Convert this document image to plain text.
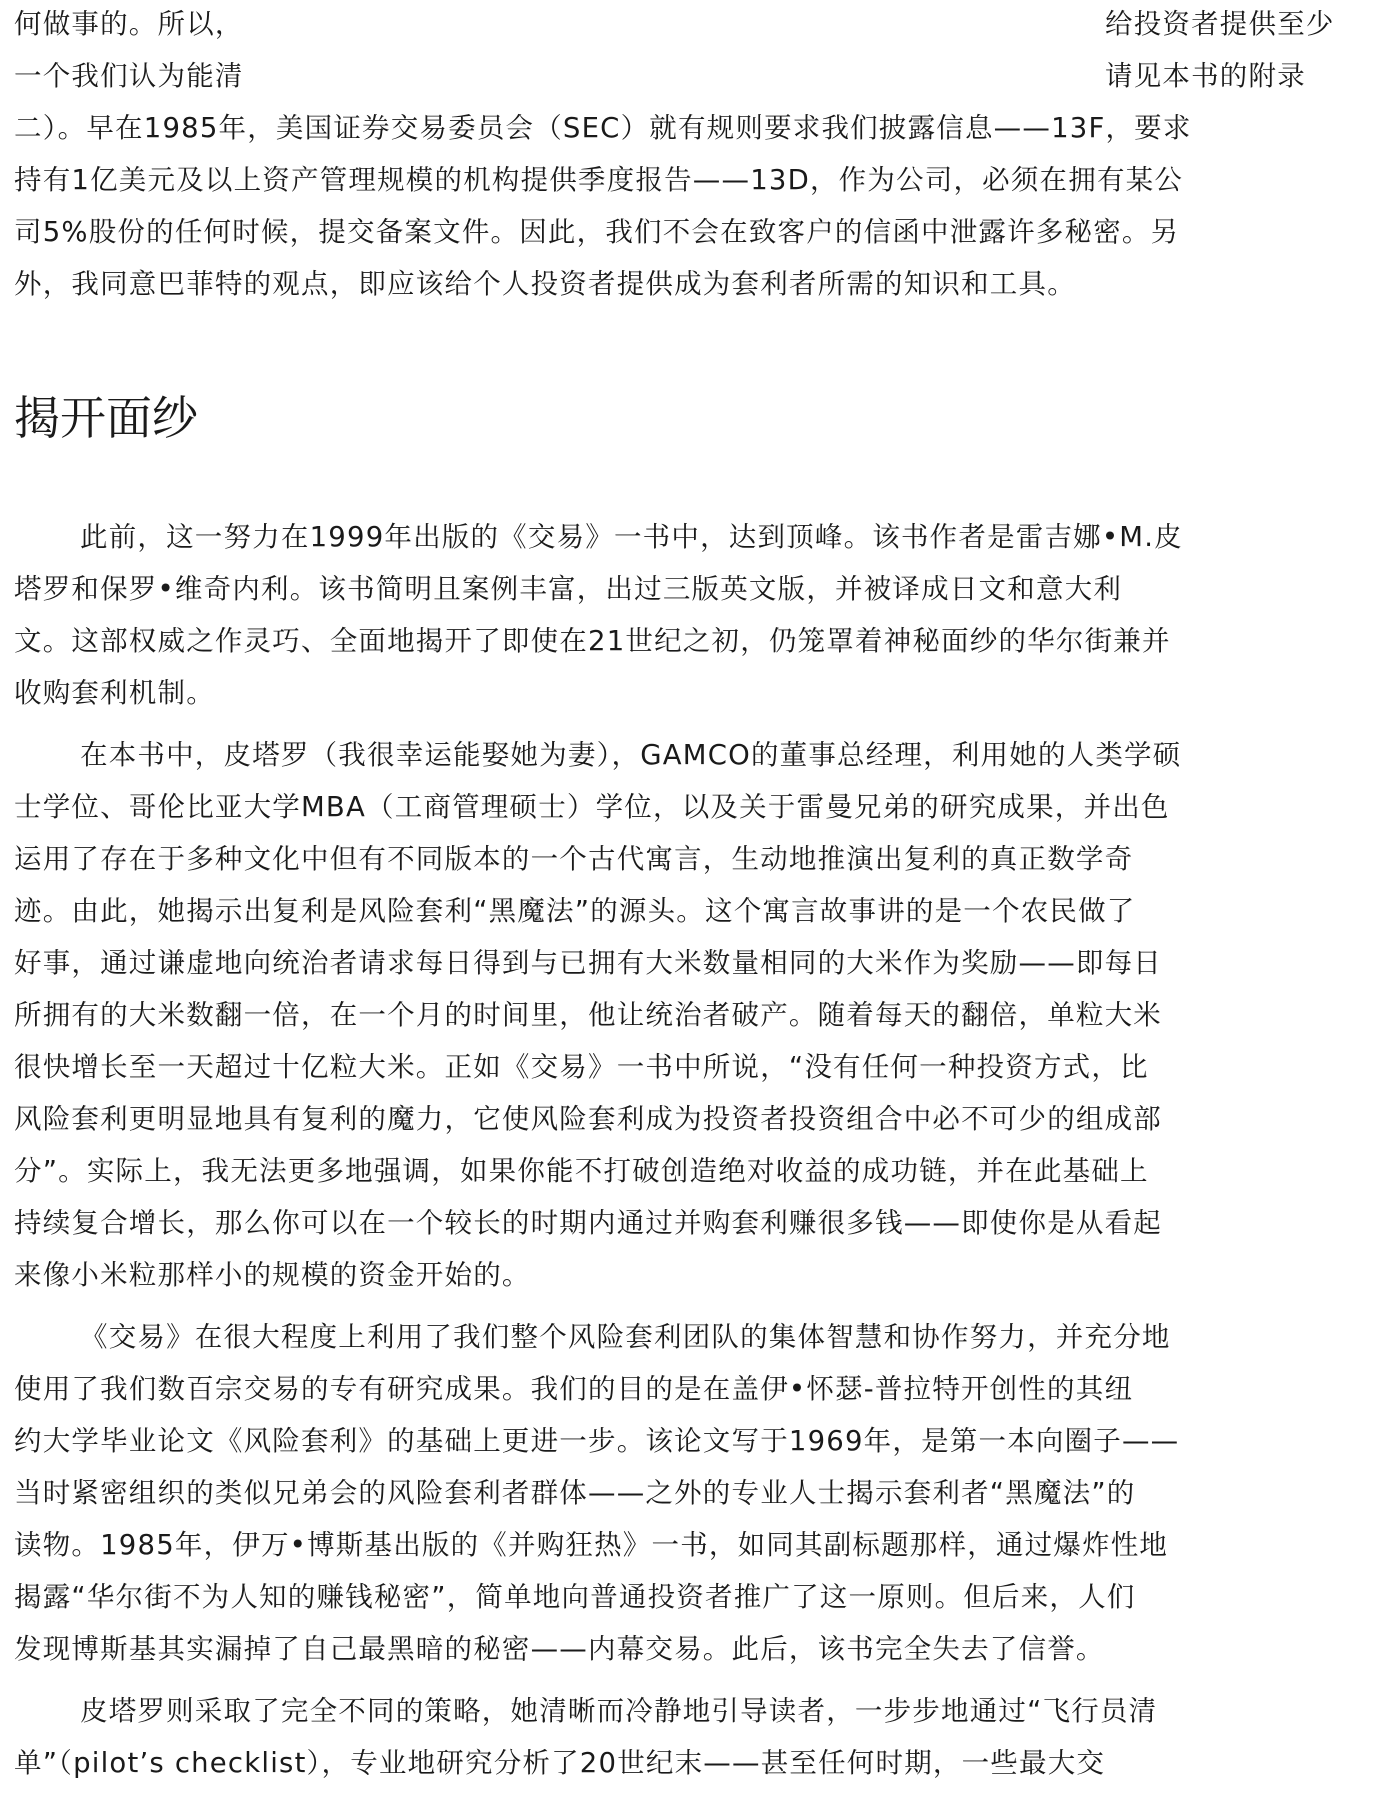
何做事的。所以，	给投资者提供至少
一个我们认为能清	请见本书的附录
二）。早在1985年，美国证券交易委员会（SEC）就有规则要求我们披露信息——13F，要求
持有1亿美元及以上资产管理规模的机构提供季度报告——13D，作为公司，必须在拥有某公
司5%股份的任何时候，提交备案文件。因此，我们不会在致客户的信函中泄露许多秘密。另
外，我同意巴菲特的观点，即应该给个人投资者提供成为套利者所需的知识和工具。
揭开面纱
此前，这一努力在1999年出版的《交易》一书中，达到顶峰。该书作者是雷吉娜•M.皮
塔罗和保罗•维奇内利。该书简明且案例丰富，出过三版英文版，并被译成日文和意大利
文。这部权威之作灵巧、全面地揭开了即使在21世纪之初，仍笼罩着神秘面纱的华尔街兼并
收购套利机制。
在本书中，皮塔罗（我很幸运能娶她为妻），GAMCO的董事总经理，利用她的人类学硕
士学位、哥伦比亚大学MBA（工商管理硕士）学位，以及关于雷曼兄弟的研究成果，并出色
运用了存在于多种文化中但有不同版本的一个古代寓言，生动地推演出复利的真正数学奇
迹。由此，她揭示出复利是风险套利“黑魔法”的源头。这个寓言故事讲的是一个农民做了
好事，通过谦虚地向统治者请求每日得到与已拥有大米数量相同的大米作为奖励——即每日
所拥有的大米数翻一倍，在一个月的时间里，他让统治者破产。随着每天的翻倍，单粒大米
很快增长至一天超过十亿粒大米。正如《交易》一书中所说，“没有任何一种投资方式，比
风险套利更明显地具有复利的魔力，它使风险套利成为投资者投资组合中必不可少的组成部
分”。实际上，我无法更多地强调，如果你能不打破创造绝对收益的成功链，并在此基础上
持续复合增长，那么你可以在一个较长的时期内通过并购套利赚很多钱——即使你是从看起
来像小米粒那样小的规模的资金开始的。
《交易》在很大程度上利用了我们整个风险套利团队的集体智慧和协作努力，并充分地
使用了我们数百宗交易的专有研究成果。我们的目的是在盖伊•怀瑟-普拉特开创性的其纽
约大学毕业论文《风险套利》的基础上更进一步。该论文写于1969年，是第一本向圈子——
当时紧密组织的类似兄弟会的风险套利者群体——之外的专业人士揭示套利者“黑魔法”的
读物。1985年，伊万•博斯基出版的《并购狂热》一书，如同其副标题那样，通过爆炸性地
揭露“华尔街不为人知的赚钱秘密”，简单地向普通投资者推广了这一原则。但后来，人们
发现博斯基其实漏掉了自己最黑暗的秘密——内幕交易。此后，该书完全失去了信誉。
皮塔罗则采取了完全不同的策略，她清晰而冷静地引导读者，一步步地通过“飞行员清
单”（pilot’s checklist），专业地研究分析了20世纪末——甚至任何时期，一些最大交
